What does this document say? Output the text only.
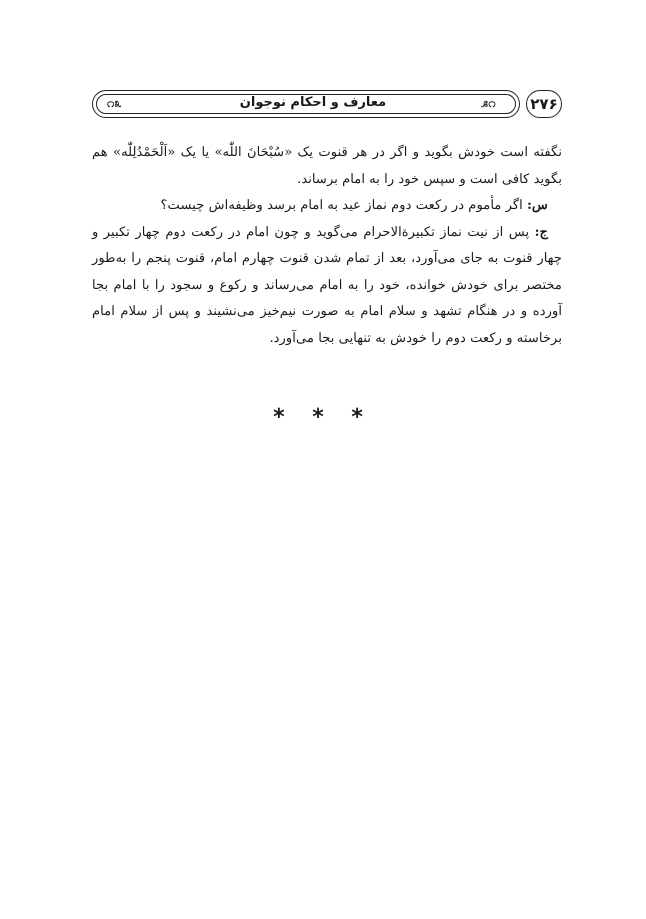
೧೩	معارف و احکام نوجوان	೧೩ ۲۷۶

نگفته است خودش بگوید و اگر در هر قنوت یک «سُبْحَانَ اللّٰه» یا یک «اَلْحَمْدُلِلّٰه» هم بگوید کافی است و سپس خود را به امام برساند.

س: اگر مأموم در رکعت دوم نماز عید به امام برسد وظیفه‌اش چیست؟

ج: پس از نیت نماز تکبیرةالاحرام می‌گوید و چون امام در رکعت دوم چهار تکبیر و چهار قنوت به جای می‌آورد، بعد از تمام شدن قنوت چهارم امام، قنوت پنجم را به‌طور مختصر برای خودش خوانده، خود را به امام می‌رساند و رکوع و سجود را با امام بجا آورده و در هنگام تشهد و سلام امام به صورت نیم‌خیز می‌نشیند و پس از سلام امام برخاسته و رکعت دوم را خودش به تنهایی بجا می‌آورد.

* * *
